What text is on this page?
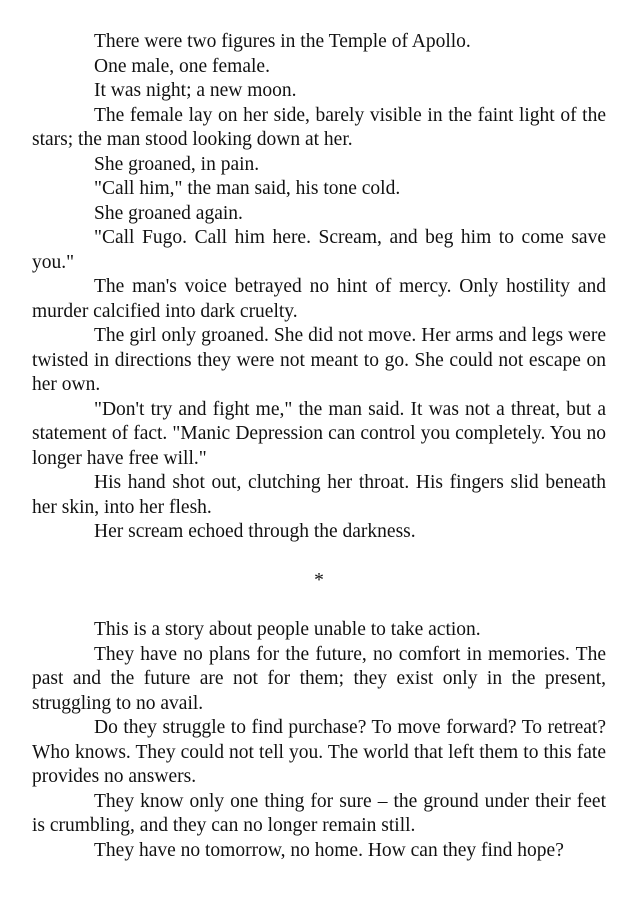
There were two figures in the Temple of Apollo.

One male, one female.

It was night; a new moon.

The female lay on her side, barely visible in the faint light of the stars; the man stood looking down at her.

She groaned, in pain.

"Call him," the man said, his tone cold.

She groaned again.

"Call Fugo. Call him here. Scream, and beg him to come save you."

The man's voice betrayed no hint of mercy. Only hostility and murder calcified into dark cruelty.

The girl only groaned. She did not move. Her arms and legs were twisted in directions they were not meant to go. She could not escape on her own.

"Don't try and fight me," the man said. It was not a threat, but a statement of fact. "Manic Depression can control you completely. You no longer have free will."

His hand shot out, clutching her throat. His fingers slid beneath her skin, into her flesh.

Her scream echoed through the darkness.

*

This is a story about people unable to take action.

They have no plans for the future, no comfort in memories. The past and the future are not for them; they exist only in the present, struggling to no avail.

Do they struggle to find purchase? To move forward? To retreat? Who knows. They could not tell you. The world that left them to this fate provides no answers.

They know only one thing for sure – the ground under their feet is crumbling, and they can no longer remain still.

They have no tomorrow, no home. How can they find hope?
